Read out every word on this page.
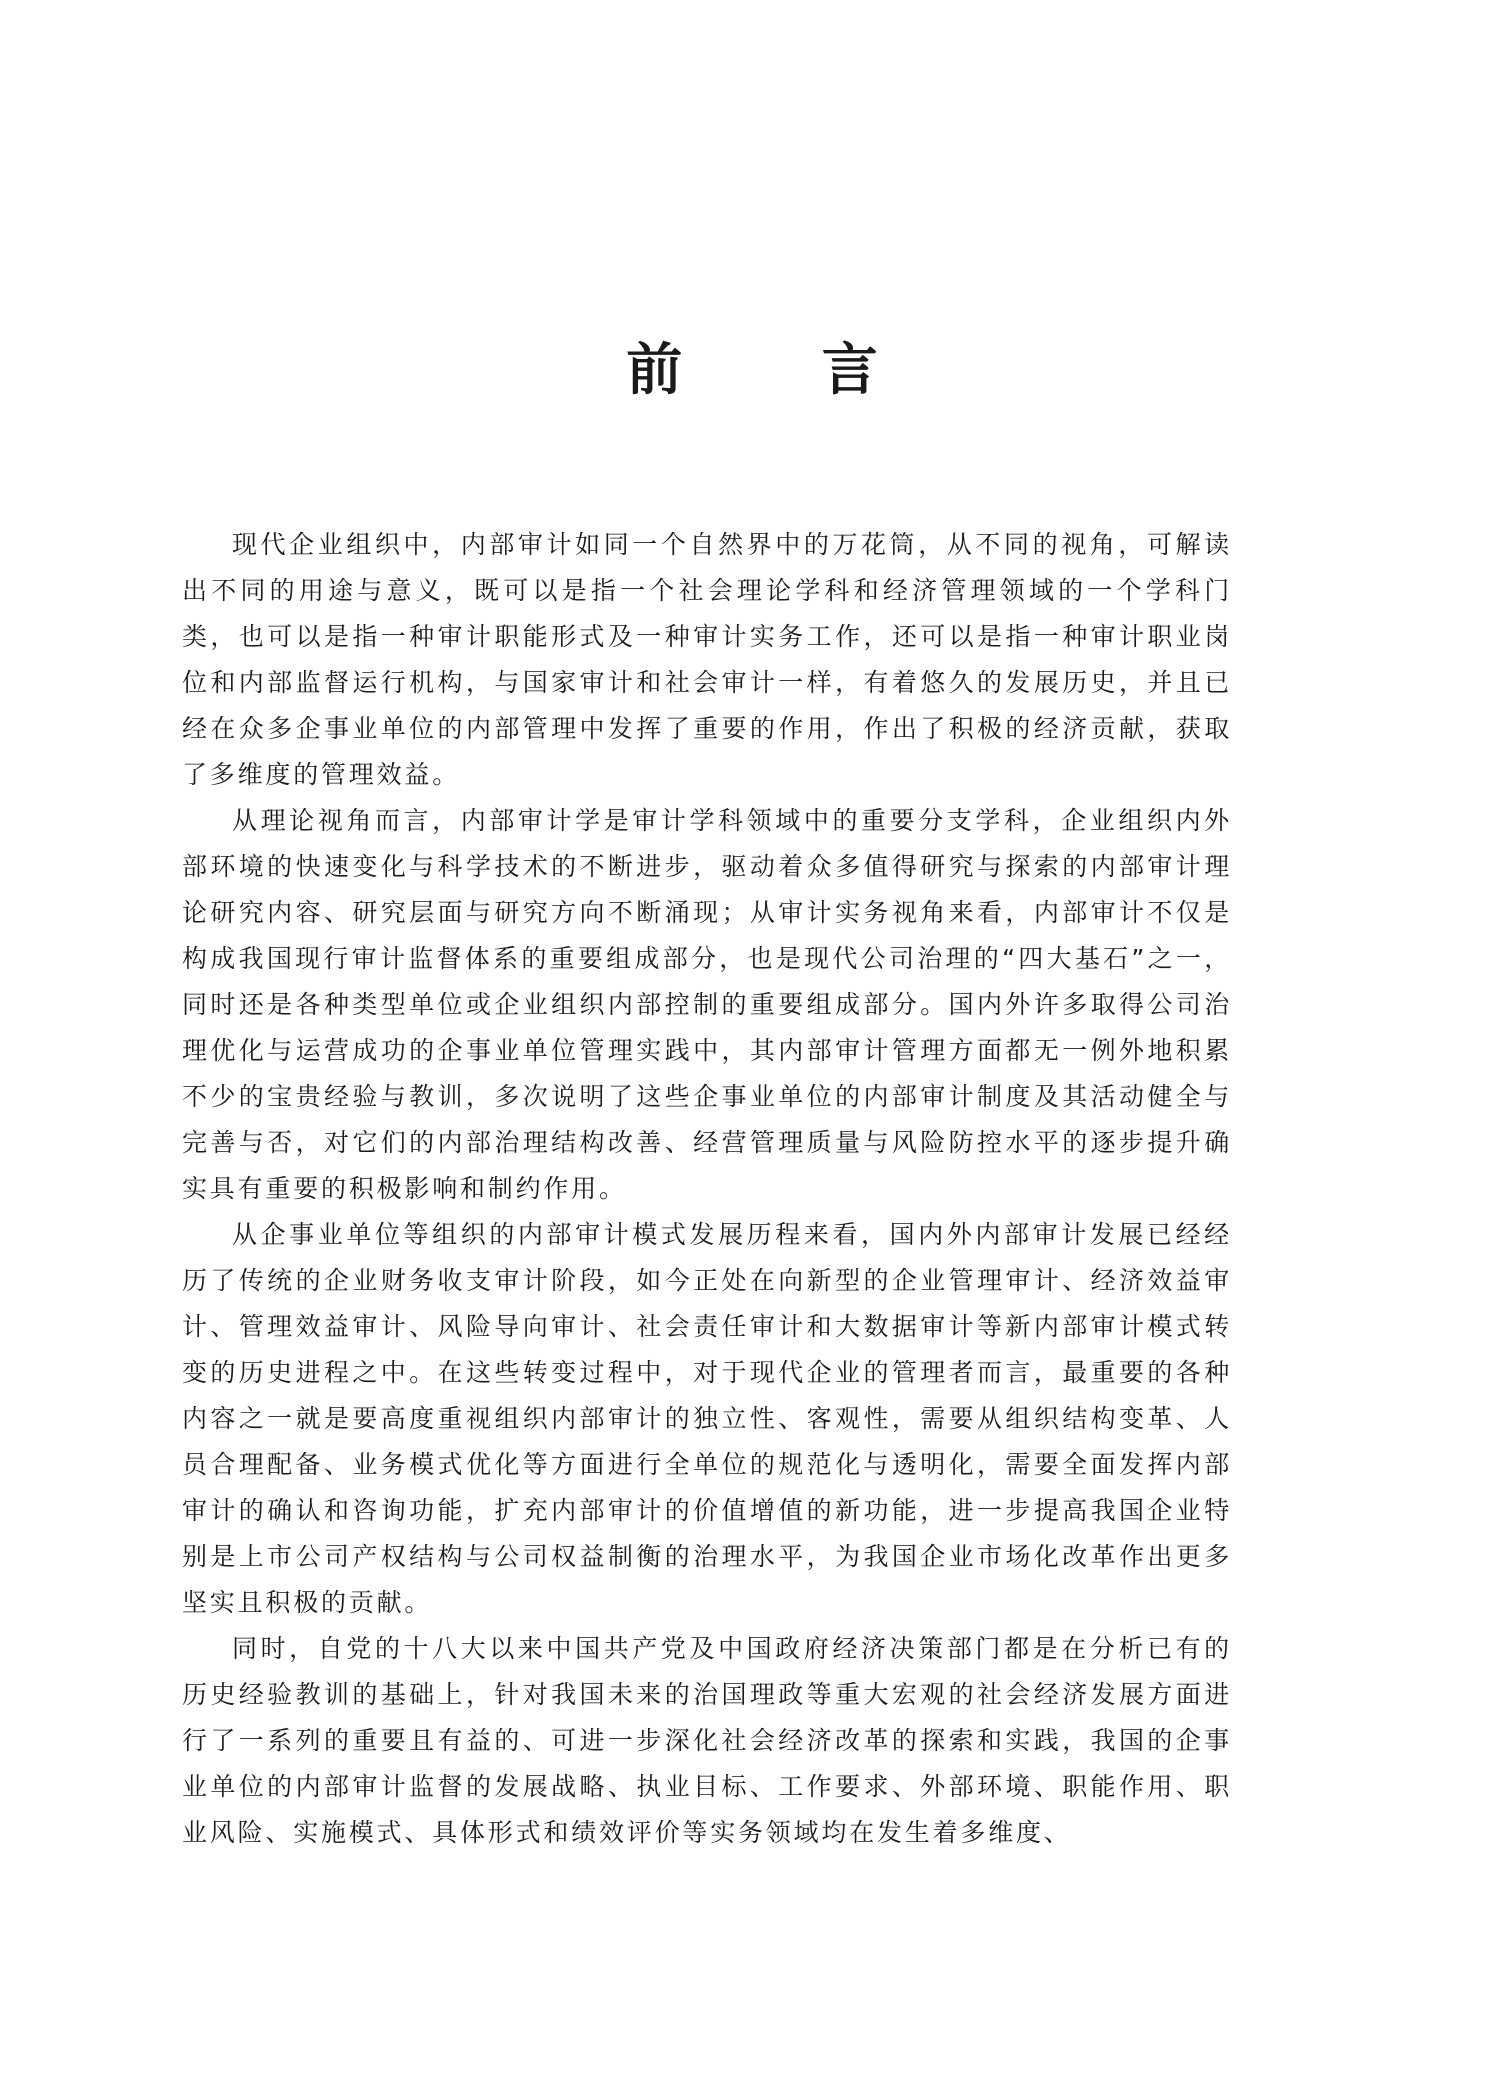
前 言

现代企业组织中，内部审计如同一个自然界中的万花筒，从不同的视角，可解读出不同的用途与意义，既可以是指一个社会理论学科和经济管理领域的一个学科门类，也可以是指一种审计职能形式及一种审计实务工作，还可以是指一种审计职业岗位和内部监督运行机构，与国家审计和社会审计一样，有着悠久的发展历史，并且已经在众多企事业单位的内部管理中发挥了重要的作用，作出了积极的经济贡献，获取了多维度的管理效益。

从理论视角而言，内部审计学是审计学科领域中的重要分支学科，企业组织内外部环境的快速变化与科学技术的不断进步，驱动着众多值得研究与探索的内部审计理论研究内容、研究层面与研究方向不断涌现；从审计实务视角来看，内部审计不仅是构成我国现行审计监督体系的重要组成部分，也是现代公司治理的“四大基石”之一，同时还是各种类型单位或企业组织内部控制的重要组成部分。国内外许多取得公司治理优化与运营成功的企事业单位管理实践中，其内部审计管理方面都无一例外地积累不少的宝贵经验与教训，多次说明了这些企事业单位的内部审计制度及其活动健全与完善与否，对它们的内部治理结构改善、经营管理质量与风险防控水平的逐步提升确实具有重要的积极影响和制约作用。

从企事业单位等组织的内部审计模式发展历程来看，国内外内部审计发展已经经历了传统的企业财务收支审计阶段，如今正处在向新型的企业管理审计、经济效益审计、管理效益审计、风险导向审计、社会责任审计和大数据审计等新内部审计模式转变的历史进程之中。在这些转变过程中，对于现代企业的管理者而言，最重要的各种内容之一就是要高度重视组织内部审计的独立性、客观性，需要从组织结构变革、人员合理配备、业务模式优化等方面进行全单位的规范化与透明化，需要全面发挥内部审计的确认和咨询功能，扩充内部审计的价值增值的新功能，进一步提高我国企业特别是上市公司产权结构与公司权益制衡的治理水平，为我国企业市场化改革作出更多坚实且积极的贡献。

同时，自党的十八大以来中国共产党及中国政府经济决策部门都是在分析已有的历史经验教训的基础上，针对我国未来的治国理政等重大宏观的社会经济发展方面进行了一系列的重要且有益的、可进一步深化社会经济改革的探索和实践，我国的企事业单位的内部审计监督的发展战略、执业目标、工作要求、外部环境、职能作用、职业风险、实施模式、具体形式和绩效评价等实务领域均在发生着多维度、
